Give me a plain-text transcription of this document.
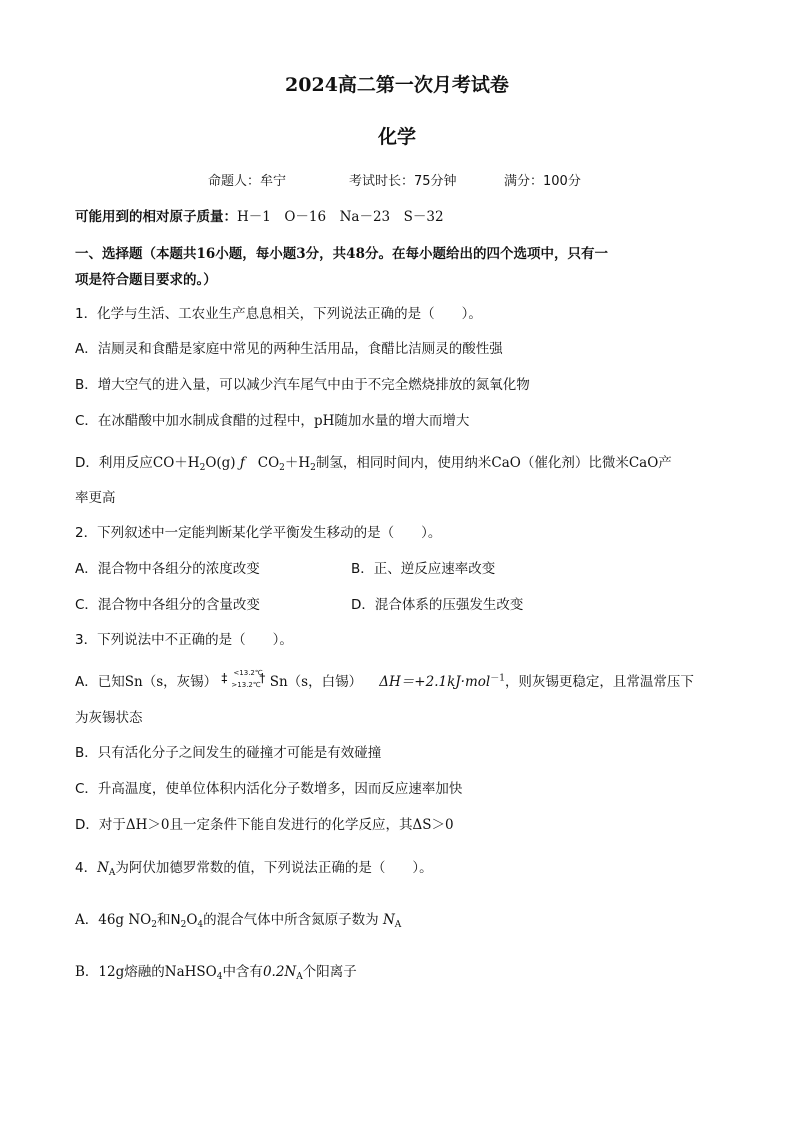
2024高二第一次月考试卷
化学
命题人：牟宁	考试时长：75分钟	满分：100分
可能用到的相对原子质量：H－1　O－16　Na－23　S－32
一、选择题（本题共16小题，每小题3分，共48分。在每小题给出的四个选项中，只有一
项是符合题目要求的。）
1．化学与生活、工农业生产息息相关，下列说法正确的是（　　）。
A．洁厕灵和食醋是家庭中常见的两种生活用品，食醋比洁厕灵的酸性强
B．增大空气的进入量，可以减少汽车尾气中由于不完全燃烧排放的氮氧化物
C．在冰醋酸中加水制成食醋的过程中，pH随加水量的增大而增大
D．利用反应$CO+H_2O(g)$ ƒ $CO_2+H_2$制氢，相同时间内，使用纳米CaO（催化剂）比微米CaO产
率更高
2．下列叙述中一定能判断某化学平衡发生移动的是（　　）。
A．混合物中各组分的浓度改变	B．正、逆反应速率改变
C．混合物中各组分的含量改变	D．混合体系的压强发生改变
3．下列说法中不正确的是（　　）。
A．已知Sn（s，灰锡） ‡ <13.2℃
>13.2℃
† Sn（s，白锡） ΔH＝+2.1kJ·mol$^{-1}$，则灰锡更稳定，且常温常压下
为灰锡状态
B．只有活化分子之间发生的碰撞才可能是有效碰撞
C．升高温度，使单位体积内活化分子数增多，因而反应速率加快
D．对于ΔH＞0且一定条件下能自发进行的化学反应，其ΔS＞0
4．$N_A$为阿伏加德罗常数的值，下列说法正确的是（　　）。
A．46g $NO_2$和$N_2O_4$的混合气体中所含氮原子数为 $N_A$
B．12g熔融的NaHSO$_4$中含有$0.2N_A$个阳离子
